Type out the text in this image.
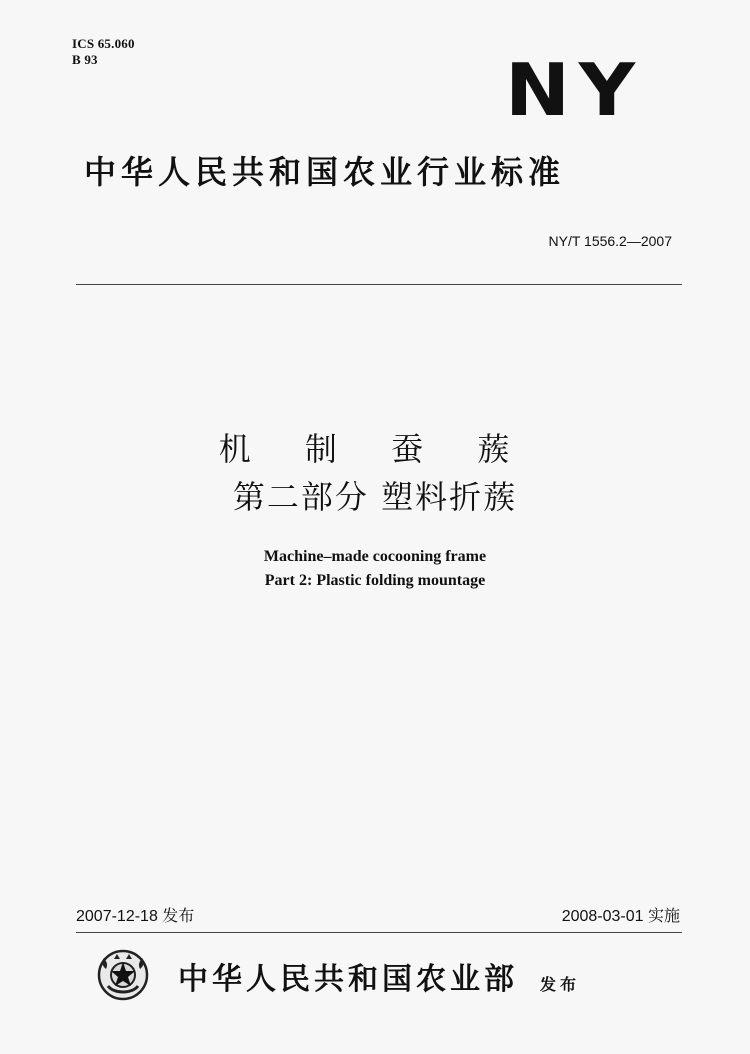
ICS 65.060
B 93	NY
中华人民共和国农业行业标准
NY/T 1556.2—2007
机 制 蚕 蔟
第二部分 塑料折蔟
Machine–made cocooning frame
Part 2: Plastic folding mountage
2007-12-18 发布	2008-03-01 实施
中华人民共和国农业部 发布
